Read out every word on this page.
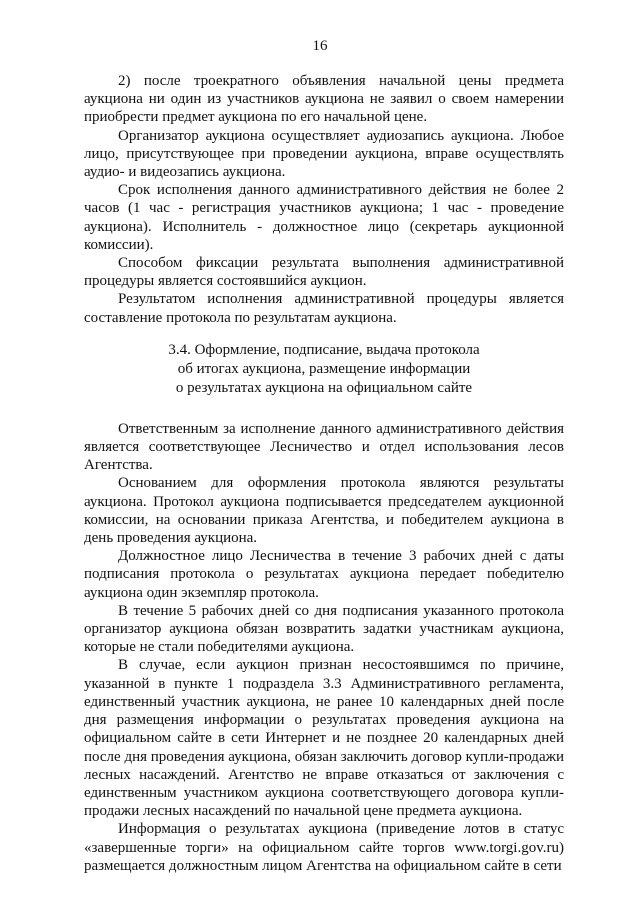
16

2) после троекратного объявления начальной цены предмета аукциона ни один из участников аукциона не заявил о своем намерении приобрести предмет аукциона по его начальной цене.

Организатор аукциона осуществляет аудиозапись аукциона. Любое лицо, присутствующее при проведении аукциона, вправе осуществлять аудио- и видеозапись аукциона.

Срок исполнения данного административного действия не более 2 часов (1 час - регистрация участников аукциона; 1 час - проведение аукциона). Исполнитель - должностное лицо (секретарь аукционной комиссии).

Способом фиксации результата выполнения административной процедуры является состоявшийся аукцион.

Результатом исполнения административной процедуры является составление протокола по результатам аукциона.

3.4. Оформление, подписание, выдача протокола
об итогах аукциона, размещение информации
о результатах аукциона на официальном сайте

Ответственным за исполнение данного административного действия является соответствующее Лесничество и отдел использования лесов Агентства.

Основанием для оформления протокола являются результаты аукциона. Протокол аукциона подписывается председателем аукционной комиссии, на основании приказа Агентства, и победителем аукциона в день проведения аукциона.

Должностное лицо Лесничества в течение 3 рабочих дней с даты подписания протокола о результатах аукциона передает победителю аукциона один экземпляр протокола.

В течение 5 рабочих дней со дня подписания указанного протокола организатор аукциона обязан возвратить задатки участникам аукциона, которые не стали победителями аукциона.

В случае, если аукцион признан несостоявшимся по причине, указанной в пункте 1 подраздела 3.3 Административного регламента, единственный участник аукциона, не ранее 10 календарных дней после дня размещения информации о результатах проведения аукциона на официальном сайте в сети Интернет и не позднее 20 календарных дней после дня проведения аукциона, обязан заключить договор купли-продажи лесных насаждений. Агентство не вправе отказаться от заключения с единственным участником аукциона соответствующего договора купли-продажи лесных насаждений по начальной цене предмета аукциона.

Информация о результатах аукциона (приведение лотов в статус «завершенные торги» на официальном сайте торгов www.torgi.gov.ru) размещается должностным лицом Агентства на официальном сайте в сети
